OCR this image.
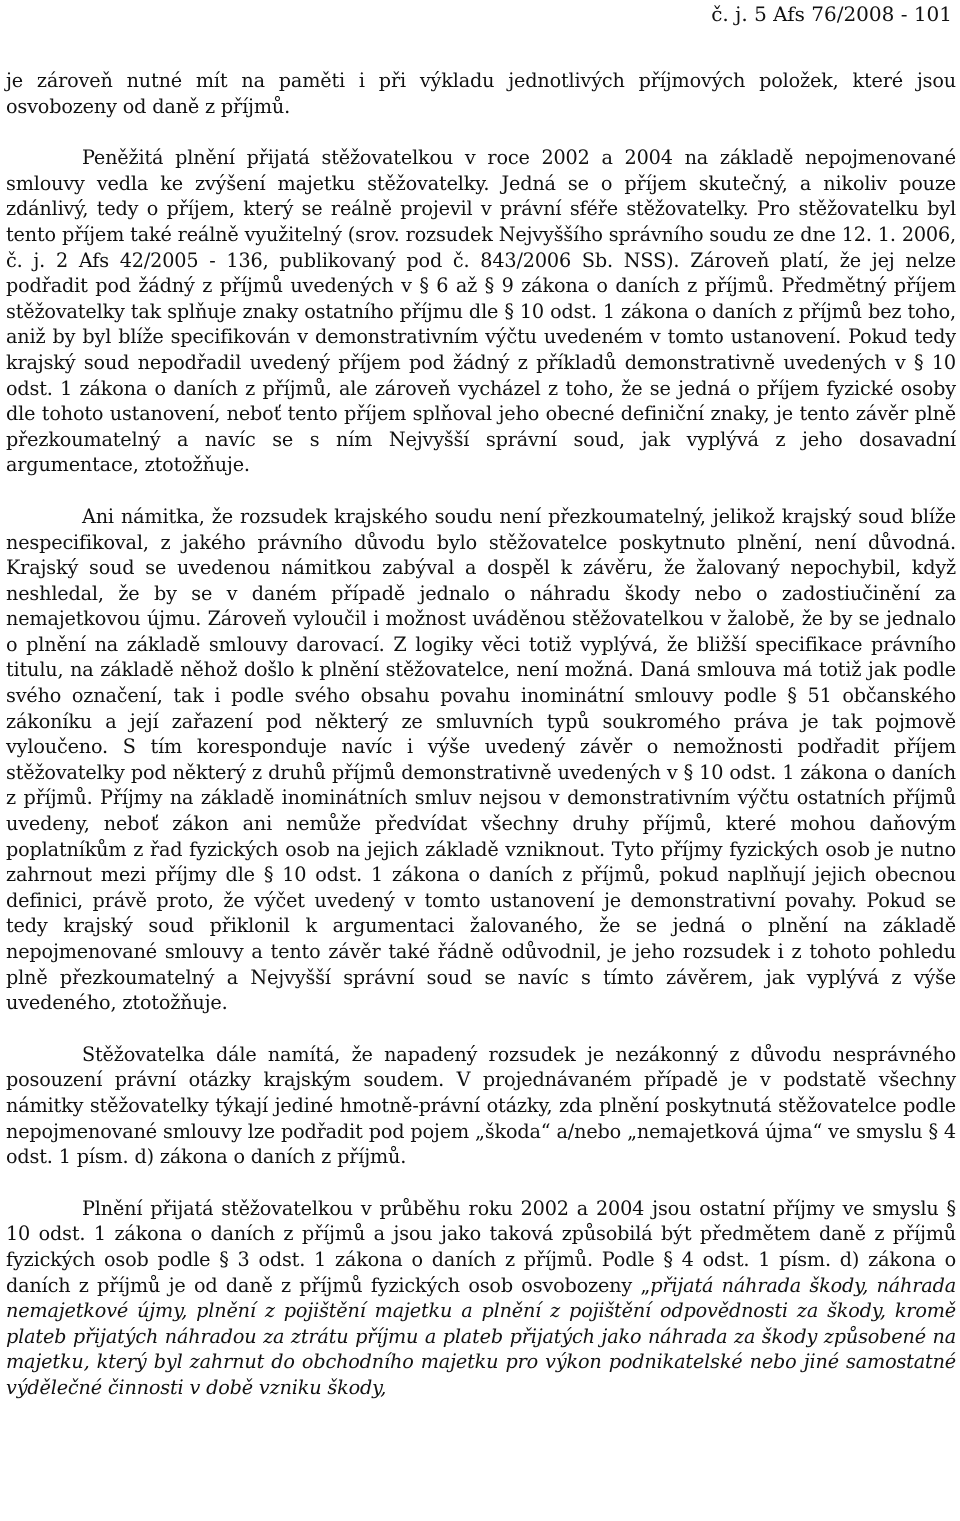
č. j. 5 Afs 76/2008 - 101

je zároveň nutné mít na paměti i při výkladu jednotlivých příjmových položek, které jsou osvobozeny od daně z příjmů.

Peněžitá plnění přijatá stěžovatelkou v roce 2002 a 2004 na základě nepojmenované smlouvy vedla ke zvýšení majetku stěžovatelky. Jedná se o příjem skutečný, a nikoliv pouze zdánlivý, tedy o příjem, který se reálně projevil v právní sféře stěžovatelky. Pro stěžovatelku byl tento příjem také reálně využitelný (srov. rozsudek Nejvyššího správního soudu ze dne 12. 1. 2006, č. j. 2 Afs 42/2005 - 136, publikovaný pod č. 843/2006 Sb. NSS). Zároveň platí, že jej nelze podřadit pod žádný z příjmů uvedených v § 6 až § 9 zákona o daních z příjmů. Předmětný příjem stěžovatelky tak splňuje znaky ostatního příjmu dle § 10 odst. 1 zákona o daních z příjmů bez toho, aniž by byl blíže specifikován v demonstrativním výčtu uvedeném v tomto ustanovení. Pokud tedy krajský soud nepodřadil uvedený příjem pod žádný z příkladů demonstrativně uvedených v § 10 odst. 1 zákona o daních z příjmů, ale zároveň vycházel z toho, že se jedná o příjem fyzické osoby dle tohoto ustanovení, neboť tento příjem splňoval jeho obecné definiční znaky, je tento závěr plně přezkoumatelný a navíc se s ním Nejvyšší správní soud, jak vyplývá z jeho dosavadní argumentace, ztotožňuje.

Ani námitka, že rozsudek krajského soudu není přezkoumatelný, jelikož krajský soud blíže nespecifikoval, z jakého právního důvodu bylo stěžovatelce poskytnuto plnění, není důvodná. Krajský soud se uvedenou námitkou zabýval a dospěl k závěru, že žalovaný nepochybil, když neshledal, že by se v daném případě jednalo o náhradu škody nebo o zadostiučinění za nemajetkovou újmu. Zároveň vyloučil i možnost uváděnou stěžovatelkou v žalobě, že by se jednalo o plnění na základě smlouvy darovací. Z logiky věci totiž vyplývá, že bližší specifikace právního titulu, na základě něhož došlo k plnění stěžovatelce, není možná. Daná smlouva má totiž jak podle svého označení, tak i podle svého obsahu povahu inominátní smlouvy podle § 51 občanského zákoníku a její zařazení pod některý ze smluvních typů soukromého práva je tak pojmově vyloučeno. S tím koresponduje navíc i výše uvedený závěr o nemožnosti podřadit příjem stěžovatelky pod některý z druhů příjmů demonstrativně uvedených v § 10 odst. 1 zákona o daních z příjmů. Příjmy na základě inominátních smluv nejsou v demonstrativním výčtu ostatních příjmů uvedeny, neboť zákon ani nemůže předvídat všechny druhy příjmů, které mohou daňovým poplatníkům z řad fyzických osob na jejich základě vzniknout. Tyto příjmy fyzických osob je nutno zahrnout mezi příjmy dle § 10 odst. 1 zákona o daních z příjmů, pokud naplňují jejich obecnou definici, právě proto, že výčet uvedený v tomto ustanovení je demonstrativní povahy. Pokud se tedy krajský soud přiklonil k argumentaci žalovaného, že se jedná o plnění na základě nepojmenované smlouvy a tento závěr také řádně odůvodnil, je jeho rozsudek i z tohoto pohledu plně přezkoumatelný a Nejvyšší správní soud se navíc s tímto závěrem, jak vyplývá z výše uvedeného, ztotožňuje.

Stěžovatelka dále namítá, že napadený rozsudek je nezákonný z důvodu nesprávného posouzení právní otázky krajským soudem. V projednávaném případě je v podstatě všechny námitky stěžovatelky týkají jediné hmotně-právní otázky, zda plnění poskytnutá stěžovatelce podle nepojmenované smlouvy lze podřadit pod pojem „škoda“ a/nebo „nemajetková újma“ ve smyslu § 4 odst. 1 písm. d) zákona o daních z příjmů.

Plnění přijatá stěžovatelkou v průběhu roku 2002 a 2004 jsou ostatní příjmy ve smyslu § 10 odst. 1 zákona o daních z příjmů a jsou jako taková způsobilá být předmětem daně z příjmů fyzických osob podle § 3 odst. 1 zákona o daních z příjmů. Podle § 4 odst. 1 písm. d) zákona o daních z příjmů je od daně z příjmů fyzických osob osvobozeny „přijatá náhrada škody, náhrada nemajetkové újmy, plnění z pojištění majetku a plnění z pojištění odpovědnosti za škody, kromě plateb přijatých náhradou za ztrátu příjmu a plateb přijatých jako náhrada za škody způsobené na majetku, který byl zahrnut do obchodního majetku pro výkon podnikatelské nebo jiné samostatné výdělečné činnosti v době vzniku škody,
